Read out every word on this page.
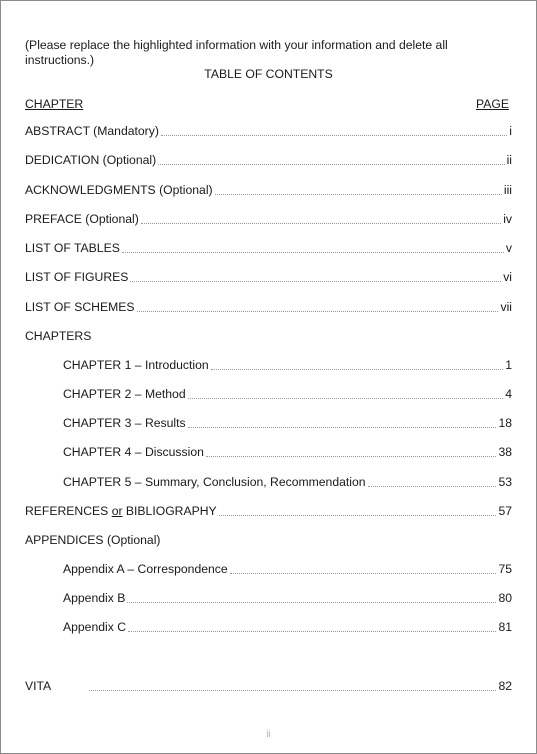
(Please replace the highlighted information with your information and delete all instructions.)
TABLE OF CONTENTS
CHAPTER	PAGE
ABSTRACT (Mandatory)	i
DEDICATION (Optional)	ii
ACKNOWLEDGMENTS (Optional)	iii
PREFACE (Optional)	iv
LIST OF TABLES	v
LIST OF FIGURES	vi
LIST OF SCHEMES	vii
CHAPTERS
CHAPTER 1 – Introduction	1
CHAPTER 2 – Method	4
CHAPTER 3 – Results	18
CHAPTER 4 – Discussion	38
CHAPTER 5 – Summary, Conclusion, Recommendation	53
REFERENCES or BIBLIOGRAPHY	57
APPENDICES (Optional)
Appendix A – Correspondence	75
Appendix B	80
Appendix C	81
VITA	82
ii
